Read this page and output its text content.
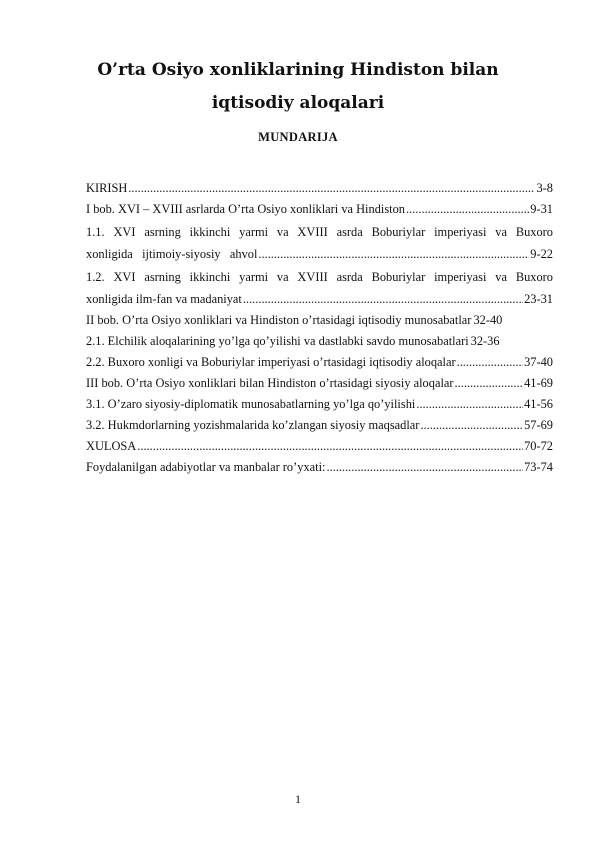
O’rta Osiyo xonliklarining Hindiston bilan
iqtisodiy aloqalari
MUNDARIJA
KIRISH .....	3-8
I bob. XVI – XVIII asrlarda O’rta Osiyo xonliklari va Hindiston .....	9-31
1.1. XVI asrning ikkinchi yarmi va XVIII asrda Boburiylar imperiyasi va Buxoro
xonligida   ijtimoiy-siyosiy   ahvol .....	9-22
1.2. XVI asrning ikkinchi yarmi va XVIII asrda Boburiylar imperiyasi va Buxoro
xonligida ilm-fan va madaniyat .....	23-31
II bob. O’rta Osiyo xonliklari va Hindiston o’rtasidagi iqtisodiy munosabatlar 32-40
2.1. Elchilik aloqalarining yo’lga qo’yilishi va dastlabki savdo munosabatlari 32-36
2.2. Buxoro xonligi va Boburiylar imperiyasi o’rtasidagi iqtisodiy aloqalar .....	37-40
III bob. O’rta Osiyo xonliklari bilan Hindiston o’rtasidagi siyosiy aloqalar .....	41-69
3.1. O’zaro siyosiy-diplomatik munosabatlarning yo’lga qo’yilishi .....	41-56
3.2. Hukmdorlarning yozishmalarida ko’zlangan siyosiy maqsadlar .....	57-69
XULOSA .....	70-72
Foydalanilgan adabiyotlar va manbalar ro’yxati: .....	73-74
1
